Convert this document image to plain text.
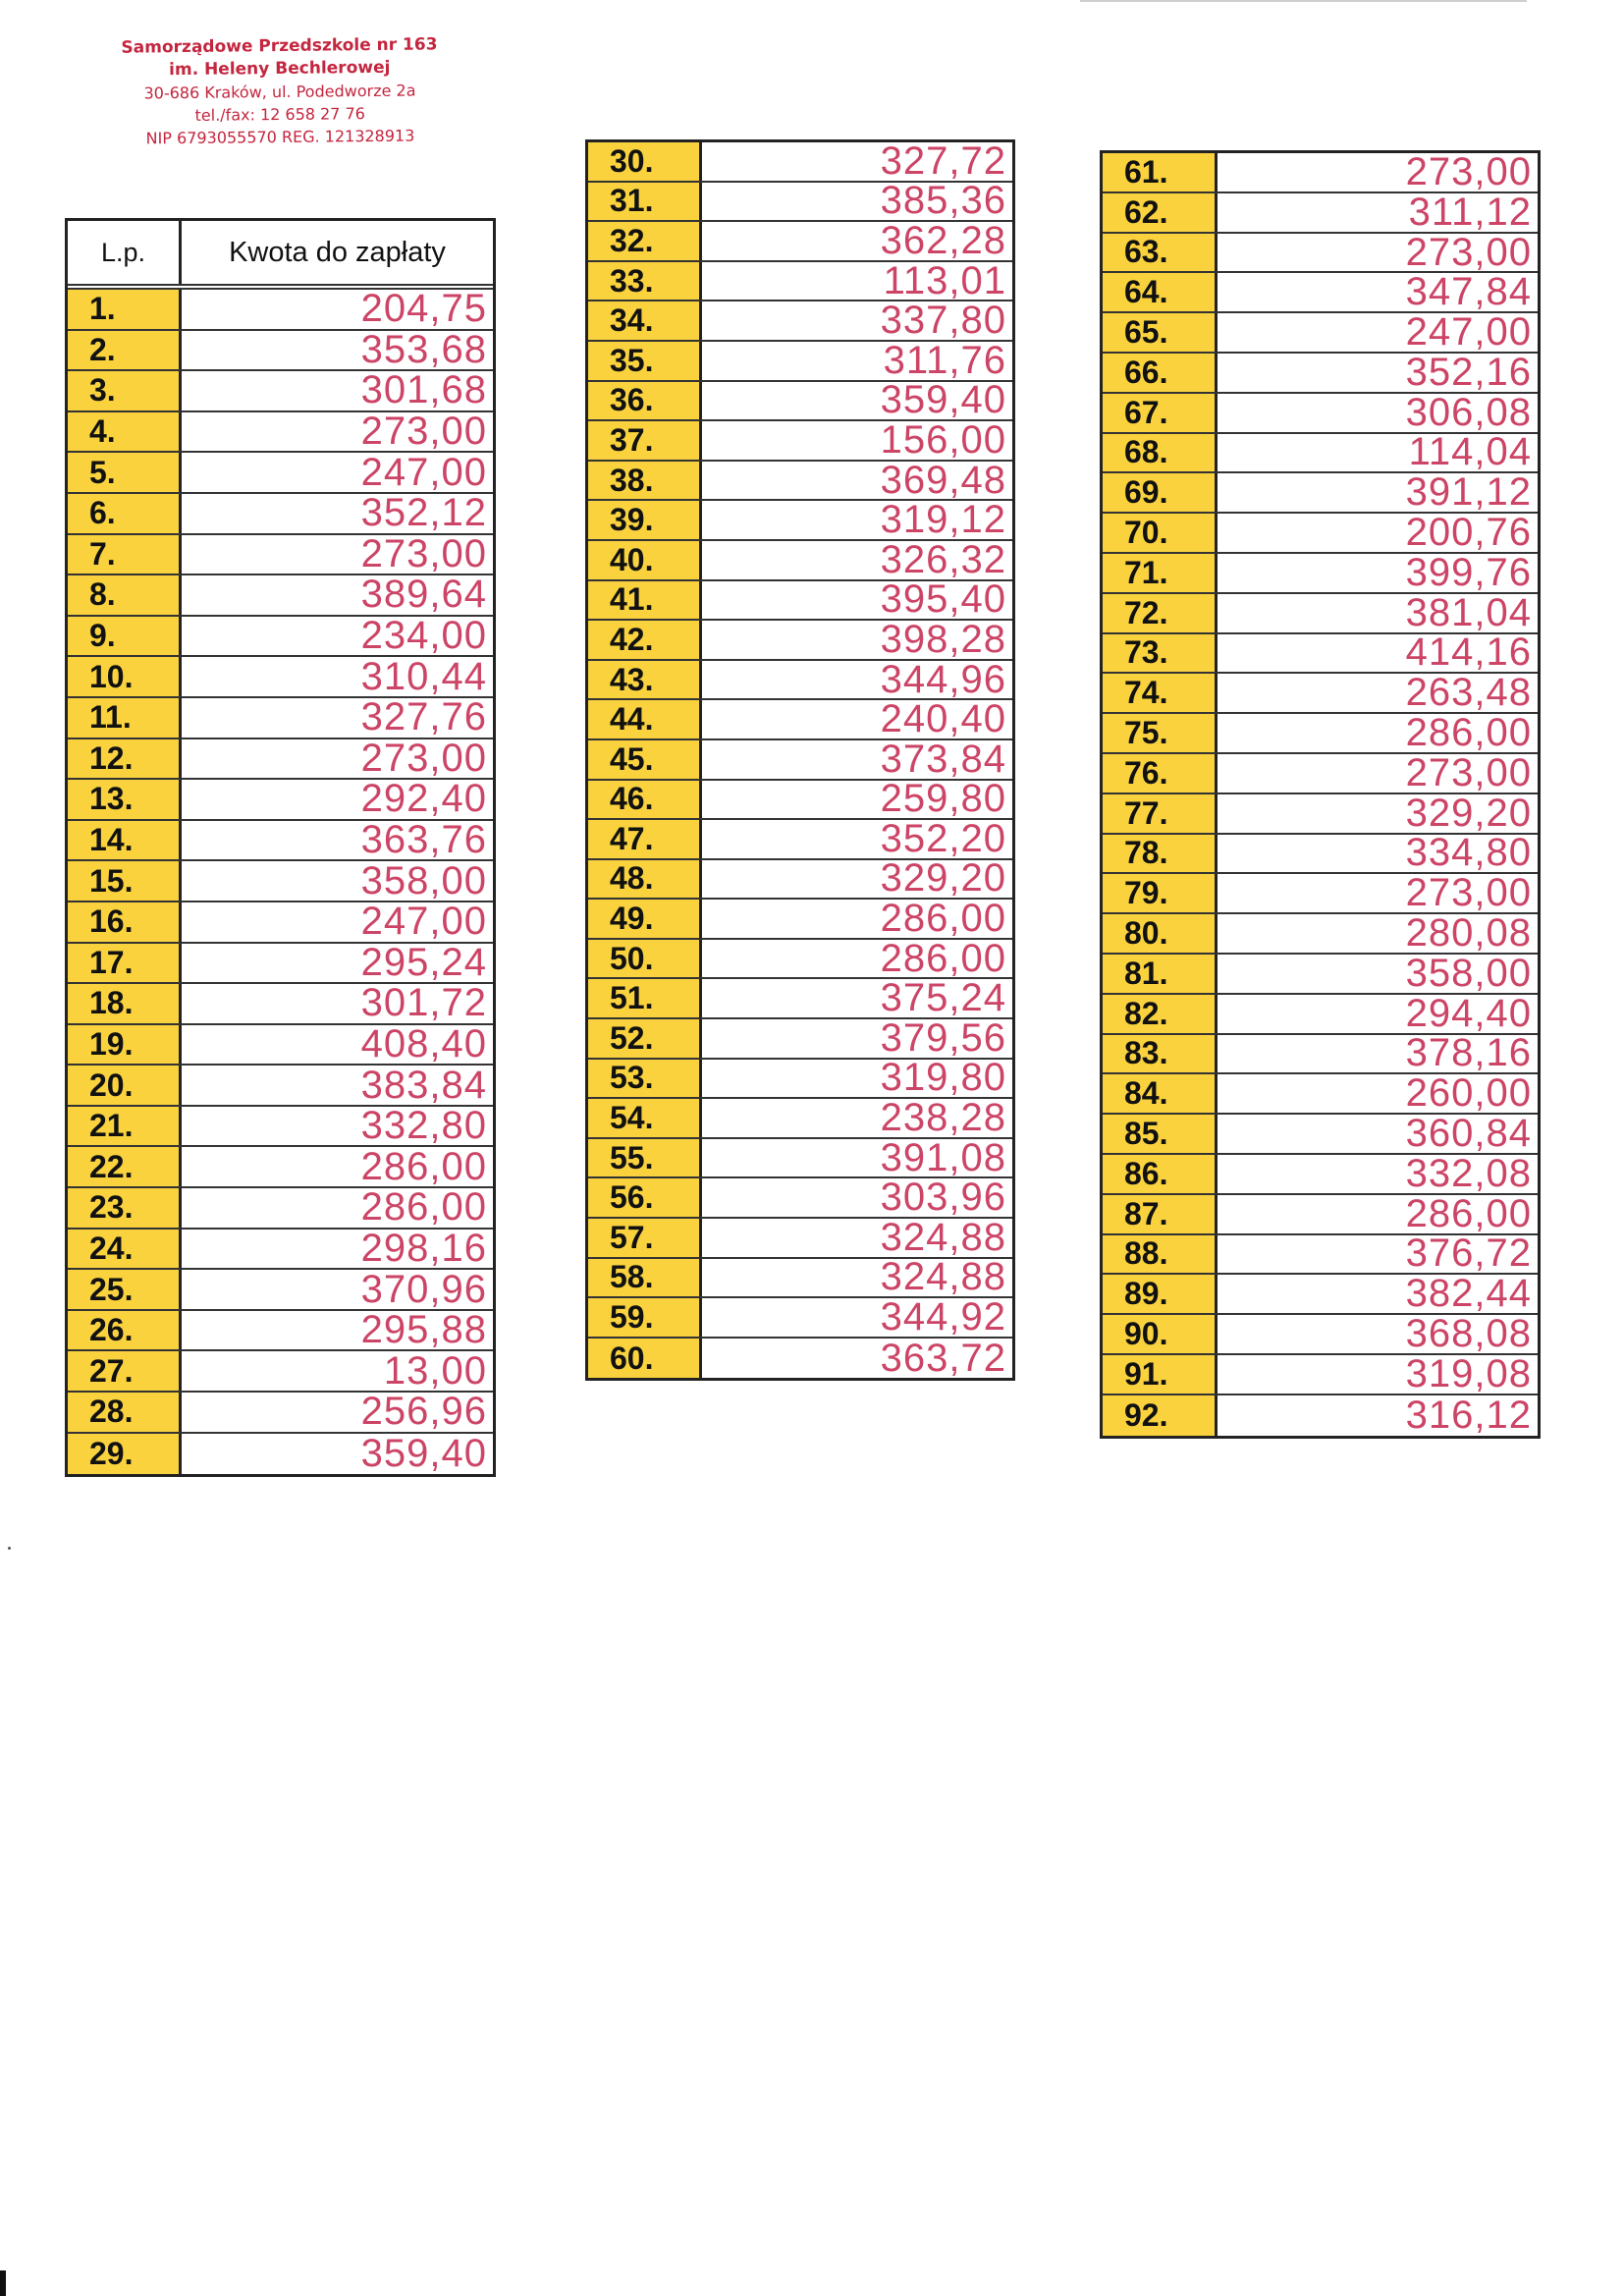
Samorządowe Przedszkole nr 163
im. Heleny Bechlerowej
30-686 Kraków, ul. Podedworze 2a
tel./fax: 12 658 27 76
NIP 6793055570 REG. 121328913
L.p.	Kwota do zapłaty
1.	204,75
2.	353,68
3.	301,68
4.	273,00
5.	247,00
6.	352,12
7.	273,00
8.	389,64
9.	234,00
10.	310,44
11.	327,76
12.	273,00
13.	292,40
14.	363,76
15.	358,00
16.	247,00
17.	295,24
18.	301,72
19.	408,40
20.	383,84
21.	332,80
22.	286,00
23.	286,00
24.	298,16
25.	370,96
26.	295,88
27.	13,00
28.	256,96
29.	359,40
30.	327,72
31.	385,36
32.	362,28
33.	113,01
34.	337,80
35.	311,76
36.	359,40
37.	156,00
38.	369,48
39.	319,12
40.	326,32
41.	395,40
42.	398,28
43.	344,96
44.	240,40
45.	373,84
46.	259,80
47.	352,20
48.	329,20
49.	286,00
50.	286,00
51.	375,24
52.	379,56
53.	319,80
54.	238,28
55.	391,08
56.	303,96
57.	324,88
58.	324,88
59.	344,92
60.	363,72
61.	273,00
62.	311,12
63.	273,00
64.	347,84
65.	247,00
66.	352,16
67.	306,08
68.	114,04
69.	391,12
70.	200,76
71.	399,76
72.	381,04
73.	414,16
74.	263,48
75.	286,00
76.	273,00
77.	329,20
78.	334,80
79.	273,00
80.	280,08
81.	358,00
82.	294,40
83.	378,16
84.	260,00
85.	360,84
86.	332,08
87.	286,00
88.	376,72
89.	382,44
90.	368,08
91.	319,08
92.	316,12
